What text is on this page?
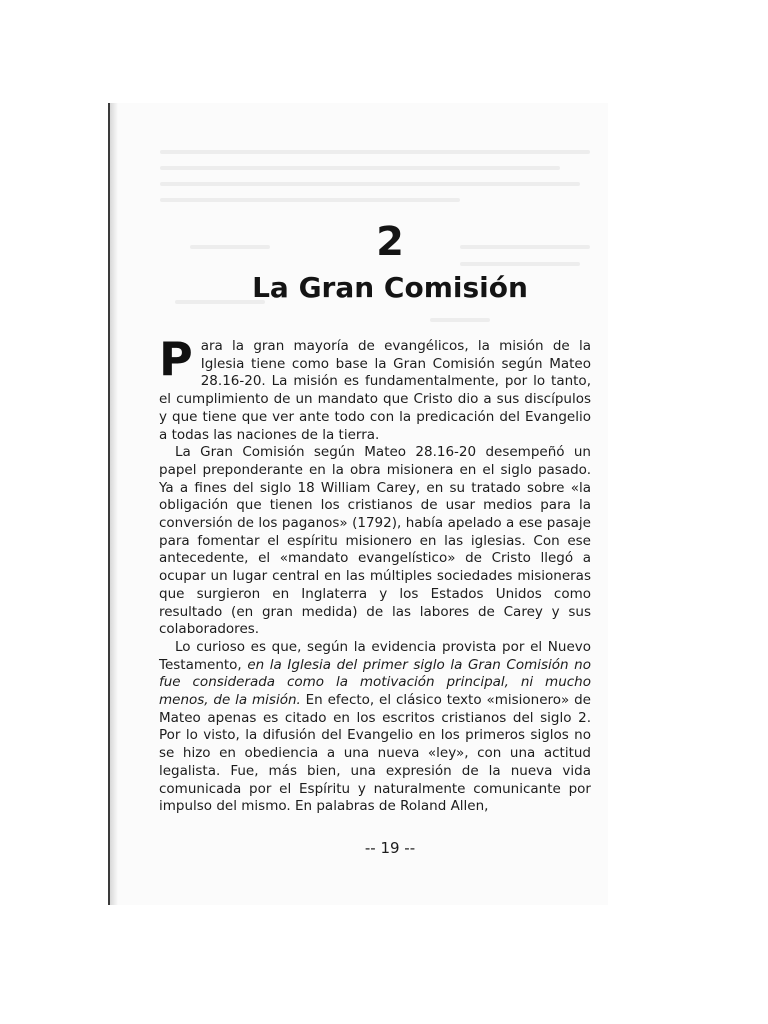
2
La Gran Comisión

Para la gran mayoría de evangélicos, la misión de la Iglesia tiene como base la Gran Comisión según Mateo 28.16-20. La misión es fundamentalmente, por lo tanto, el cumplimiento de un mandato que Cristo dio a sus discípulos y que tiene que ver ante todo con la predicación del Evangelio a todas las naciones de la tierra.

La Gran Comisión según Mateo 28.16-20 desempeñó un papel preponderante en la obra misionera en el siglo pasado. Ya a fines del siglo 18 William Carey, en su tratado sobre «la obligación que tienen los cristianos de usar medios para la conversión de los paganos» (1792), había apelado a ese pasaje para fomentar el espíritu misionero en las iglesias. Con ese antecedente, el «mandato evangelístico» de Cristo llegó a ocupar un lugar central en las múltiples sociedades misioneras que surgieron en Inglaterra y los Estados Unidos como resultado (en gran medida) de las labores de Carey y sus colaboradores.

Lo curioso es que, según la evidencia provista por el Nuevo Testamento, en la Iglesia del primer siglo la Gran Comisión no fue considerada como la motivación principal, ni mucho menos, de la misión. En efecto, el clásico texto «misionero» de Mateo apenas es citado en los escritos cristianos del siglo 2. Por lo visto, la difusión del Evangelio en los primeros siglos no se hizo en obediencia a una nueva «ley», con una actitud legalista. Fue, más bien, una expresión de la nueva vida comunicada por el Espíritu y naturalmente comunicante por impulso del mismo. En palabras de Roland Allen,

-- 19 --
